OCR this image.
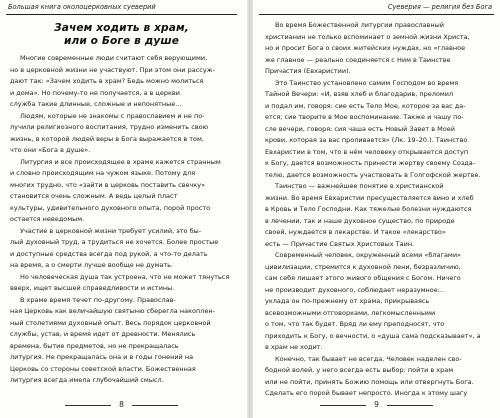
Большая книга околоцерковных суеверий
Зачем ходить в храм,
или о Боге в душе
Многие современные люди считают себя верующими,
но в церковной жизни не участвуют. При этом они рассуж-
дают так: «Зачем ходить в храм? Бедь можно молиться
и дома». Но почему-то не получается, а в церкви
служба такие длинные, сложные и непонятные…
Людям, которые не знакомы с православием и не по-
лучили религиозного воспитания, трудно изменить свою
жизнь, в которой людей веры в Бога выражается в том,
что они «Бога в душе».
Литургия и все происходящее в храме кажется странным
и словно происходящим на чужом языке. Потому для
многих трудно, что «зайти в церковь поставить свечку»
становится очень сложным. А ведь целый пласт
культуры, удивительного духовного опыта, порой просто
остается неведомым.
Участие в церковной жизни требует усилий, это бы-
лый духовный труд, а трудиться не хочется. Более простые
и доступные средства всегда под рукой, а что-то делать
на время, а о смерти лучше вообще не думать.
Но человеческая душа так устроена, что не может тянуться
вверх, ищет высшей справедливости и истины.
В храме время течет по-другому. Православ-
ная Церковь как величайшую святыню сберегла накоплен-
ный столетиями духовный опыт. Весь порядок церковной
службы, устав, и время идет от древности. Менялись
времена, бытие предметов, но не прекращалась
литургия. Не прекращалась она и в годы гонений на
Церковь со стороны советской власти. Божественная
литургия всегда имела глубочайший смысл.
8
Суеверия — религия без Бога
Во время Божественной литургии православный
христианин не только вспоминает о земной жизни Христа,
но и просит Бога о своих житейских нуждах, но «главное
же главное — реально соединяется с Ним в Таинстве
Причастия (Евхаристии).
Это Таинство установлено самим Господом во время
Тайной Вечери: «И, взяв хлеб и благодарив, преломил
и подал им, говоря: сие есть Тело Мое, которое за вас да-
ется; сие творите в Мое воспоминание. Также и чашу по-
сле вечери, говоря: сия чаша есть Новый Завет в Моей
крови, которая за вас проливается» (Лк. 19–20.). Таинство
Евхаристии в том, что в нём человеку открывается доступ
к Богу, дается возможность принести жертву своему Созда-
телю, дается возможность участвовать в Голгофской жертве.
Таинство — важнейшее понятие в христианской
жизни. Во время Евхаристии пресуществляется вино и хлеб
в Кровь и Тело Господни. Как тяжелые болезни нуждаются
в лечении, так и наше духовное существо, по природе
своей, нуждается в лекарстве. И такое «лекарство»
есть — Причастие Святых Христовых Таин.
Современный человек, окруженный всеми «благами»
цивилизации, стремится к духовной лени, безразличию,
сам себя лишает этого живого общения с Богом. Ничего
не производит духовного, соблюдает неразумное…
уклада он по-прежнему от храма, прикрываясь
всевозможными отговорками, легкомысленными
о том, что так будет. Вряд ли ему преподносят, что
приходить к Богу, о вечности, о «душа сама подсказывает», а
в храм не ходит.
Конечно, так бывает не всегда. Человек наделен сво-
бодной волей, у него всегда есть выбор: пойти в храм
или не пойти, принять Божию помощь или отвергнуть Бога.
Сделать его порой бывает непросто. Иногда к этому шагу
9
